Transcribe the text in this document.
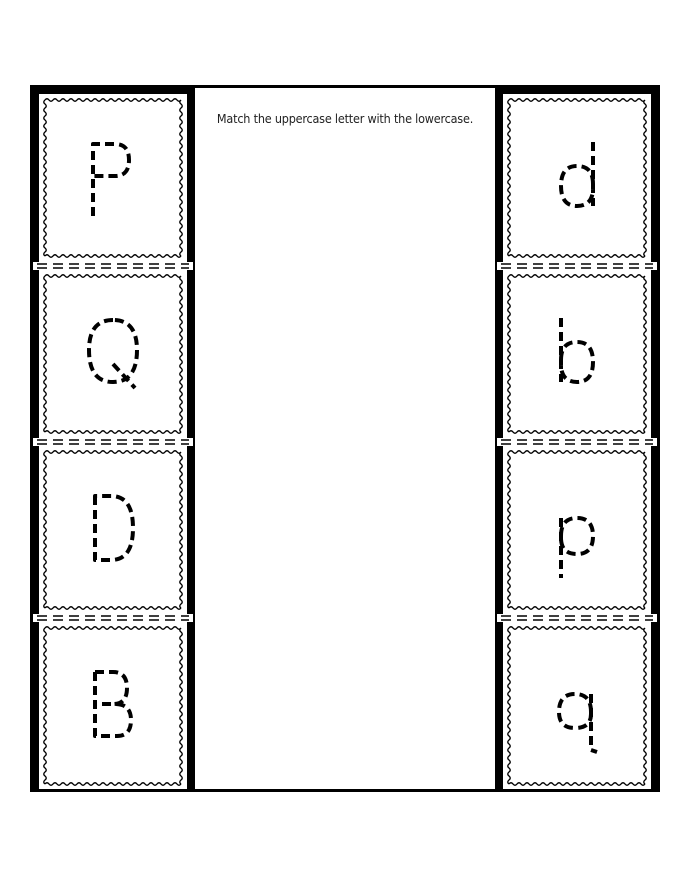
Match the uppercase letter with the lowercase.
